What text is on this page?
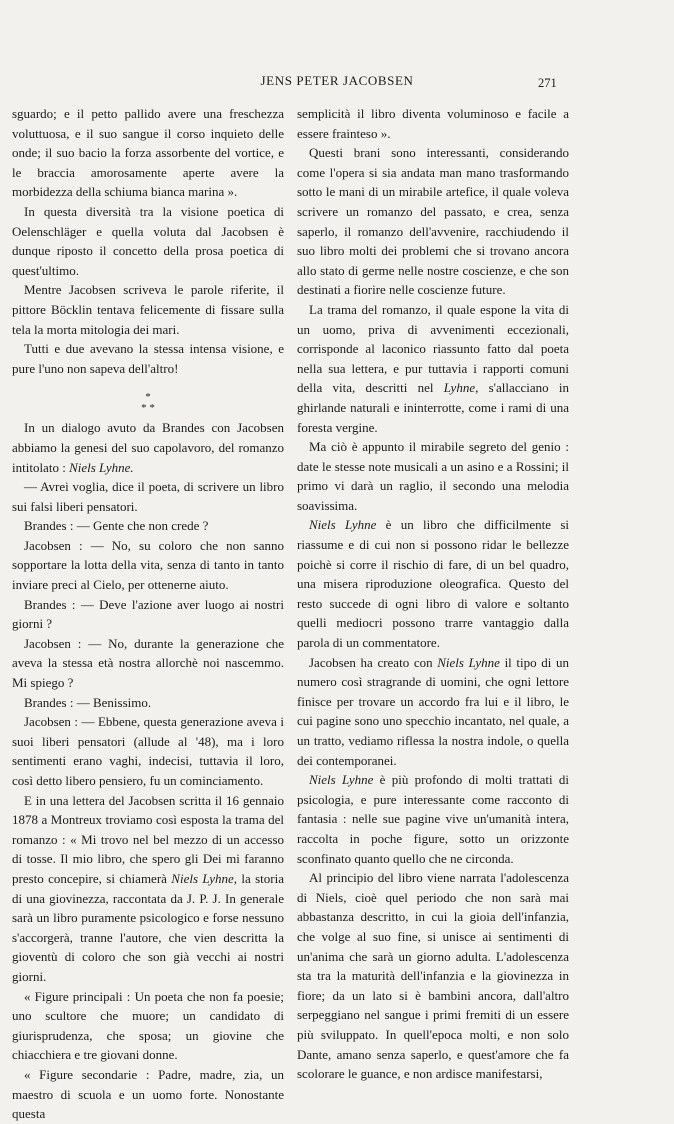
JENS PETER JACOBSEN	271

sguardo; e il petto pallido avere una freschezza voluttuosa, e il suo sangue il corso inquieto delle onde; il suo bacio la forza assorbente del vortice, e le braccia amorosamente aperte avere la morbidezza della schiuma bianca marina ».

In questa diversità tra la visione poetica di Oelenschläger e quella voluta dal Jacobsen è dunque riposto il concetto della prosa poetica di quest'ultimo.

Mentre Jacobsen scriveva le parole riferite, il pittore Böcklin tentava felicemente di fissare sulla tela la morta mitologia dei mari.

Tutti e due avevano la stessa intensa visione, e pure l'uno non sapeva dell'altro!

*
* *

In un dialogo avuto da Brandes con Jacobsen abbiamo la genesi del suo capolavoro, del romanzo intitolato : Niels Lyhne.

— Avrei voglia, dice il poeta, di scrivere un libro sui falsi liberi pensatori.

Brandes : — Gente che non crede ?

Jacobsen : — No, su coloro che non sanno sopportare la lotta della vita, senza di tanto in tanto inviare preci al Cielo, per ottenerne aiuto.

Brandes : — Deve l'azione aver luogo ai nostri giorni ?

Jacobsen : — No, durante la generazione che aveva la stessa età nostra allorchè noi nascemmo. Mi spiego ?

Brandes : — Benissimo.

Jacobsen : — Ebbene, questa generazione aveva i suoi liberi pensatori (allude al '48), ma i loro sentimenti erano vaghi, indecisi, tuttavia il loro, così detto libero pensiero, fu un cominciamento.

E in una lettera del Jacobsen scritta il 16 gennaio 1878 a Montreux troviamo così esposta la trama del romanzo : « Mi trovo nel bel mezzo di un accesso di tosse. Il mio libro, che spero gli Dei mi faranno presto concepire, si chiamerà Niels Lyhne, la storia di una giovinezza, raccontata da J. P. J. In generale sarà un libro puramente psicologico e forse nessuno s'accorgerà, tranne l'autore, che vien descritta la gioventù di coloro che son già vecchi ai nostri giorni.

« Figure principali : Un poeta che non fa poesie; uno scultore che muore; un candidato di giurisprudenza, che sposa; un giovine che chiacchiera e tre giovani donne.

« Figure secondarie : Padre, madre, zia, un maestro di scuola e un uomo forte. Nonostante questa

semplicità il libro diventa voluminoso e facile a essere frainteso ».

Questi brani sono interessanti, considerando come l'opera si sia andata man mano trasformando sotto le mani di un mirabile artefice, il quale voleva scrivere un romanzo del passato, e crea, senza saperlo, il romanzo dell'avvenire, racchiudendo il suo libro molti dei problemi che si trovano ancora allo stato di germe nelle nostre coscienze, e che son destinati a fiorire nelle coscienze future.

La trama del romanzo, il quale espone la vita di un uomo, priva di avvenimenti eccezionali, corrisponde al laconico riassunto fatto dal poeta nella sua lettera, e pur tuttavia i rapporti comuni della vita, descritti nel Lyhne, s'allacciano in ghirlande naturali e ininterrotte, come i rami di una foresta vergine.

Ma ciò è appunto il mirabile segreto del genio : date le stesse note musicali a un asino e a Rossini; il primo vi darà un raglio, il secondo una melodia soavissima.

Niels Lyhne è un libro che difficilmente si riassume e di cui non si possono ridar le bellezze poichè si corre il rischio di fare, di un bel quadro, una misera riproduzione oleografica. Questo del resto succede di ogni libro di valore e soltanto quelli mediocri possono trarre vantaggio dalla parola di un commentatore.

Jacobsen ha creato con Niels Lyhne il tipo di un numero così stragrande di uomini, che ogni lettore finisce per trovare un accordo fra lui e il libro, le cui pagine sono uno specchio incantato, nel quale, a un tratto, vediamo riflessa la nostra indole, o quella dei contemporanei.

Niels Lyhne è più profondo di molti trattati di psicologia, e pure interessante come racconto di fantasia : nelle sue pagine vive un'umanità intera, raccolta in poche figure, sotto un orizzonte sconfinato quanto quello che ne circonda.

Al principio del libro viene narrata l'adolescenza di Niels, cioè quel periodo che non sarà mai abbastanza descritto, in cui la gioia dell'infanzia, che volge al suo fine, si unisce ai sentimenti di un'anima che sarà un giorno adulta. L'adolescenza sta tra la maturità dell'infanzia e la giovinezza in fiore; da un lato si è bambini ancora, dall'altro serpeggiano nel sangue i primi fremiti di un essere più sviluppato. In quell'epoca molti, e non solo Dante, amano senza saperlo, e quest'amore che fa scolorare le guance, e non ardisce manifestarsi,
